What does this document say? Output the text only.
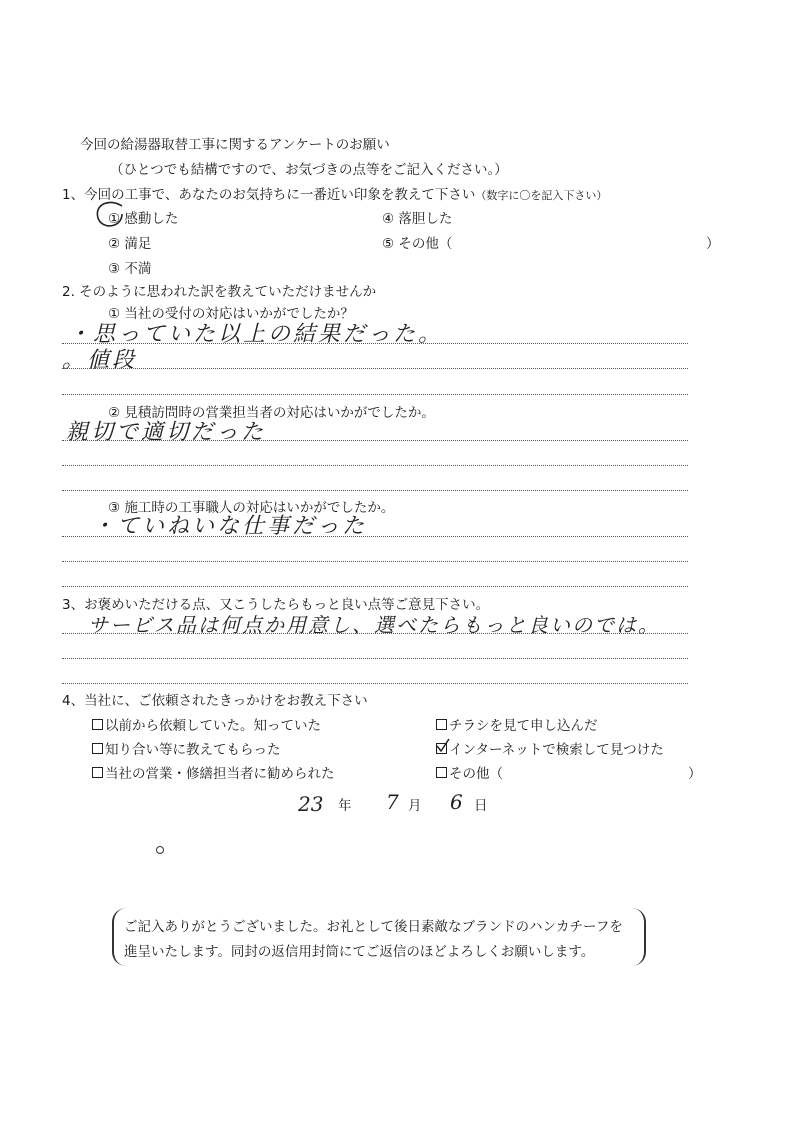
今回の給湯器取替工事に関するアンケートのお願い
（ひとつでも結構ですので、お気づきの点等をご記入ください。）
1、今回の工事で、あなたのお気持ちに一番近い印象を教えて下さい（数字に〇を記入下さい）
① 感動した
② 満足
③ 不満
④ 落胆した
⑤ その他（	）
2. そのように思われた訳を教えていただけませんか
① 当社の受付の対応はいかがでしたか？
・思っていた以上の結果だった。
。値段
② 見積訪問時の営業担当者の対応はいかがでしたか。
親切で適切だった
③ 施工時の工事職人の対応はいかがでしたか。
・ていねいな仕事だった
3、お褒めいただける点、又こうしたらもっと良い点等ご意見下さい。
サービス品は何点か用意し、選べたらもっと良いのでは。
4、当社に、ご依頼されたきっかけをお教え下さい
以前から依頼していた。知っていた
知り合い等に教えてもらった
当社の営業・修繕担当者に勧められた
チラシを見て申し込んだ
インターネットで検索して見つけた
その他（	）
23 年 7 月 6 日
ご記入ありがとうございました。お礼として後日素敵なブランドのハンカチーフを
進呈いたします。同封の返信用封筒にてご返信のほどよろしくお願いします。
